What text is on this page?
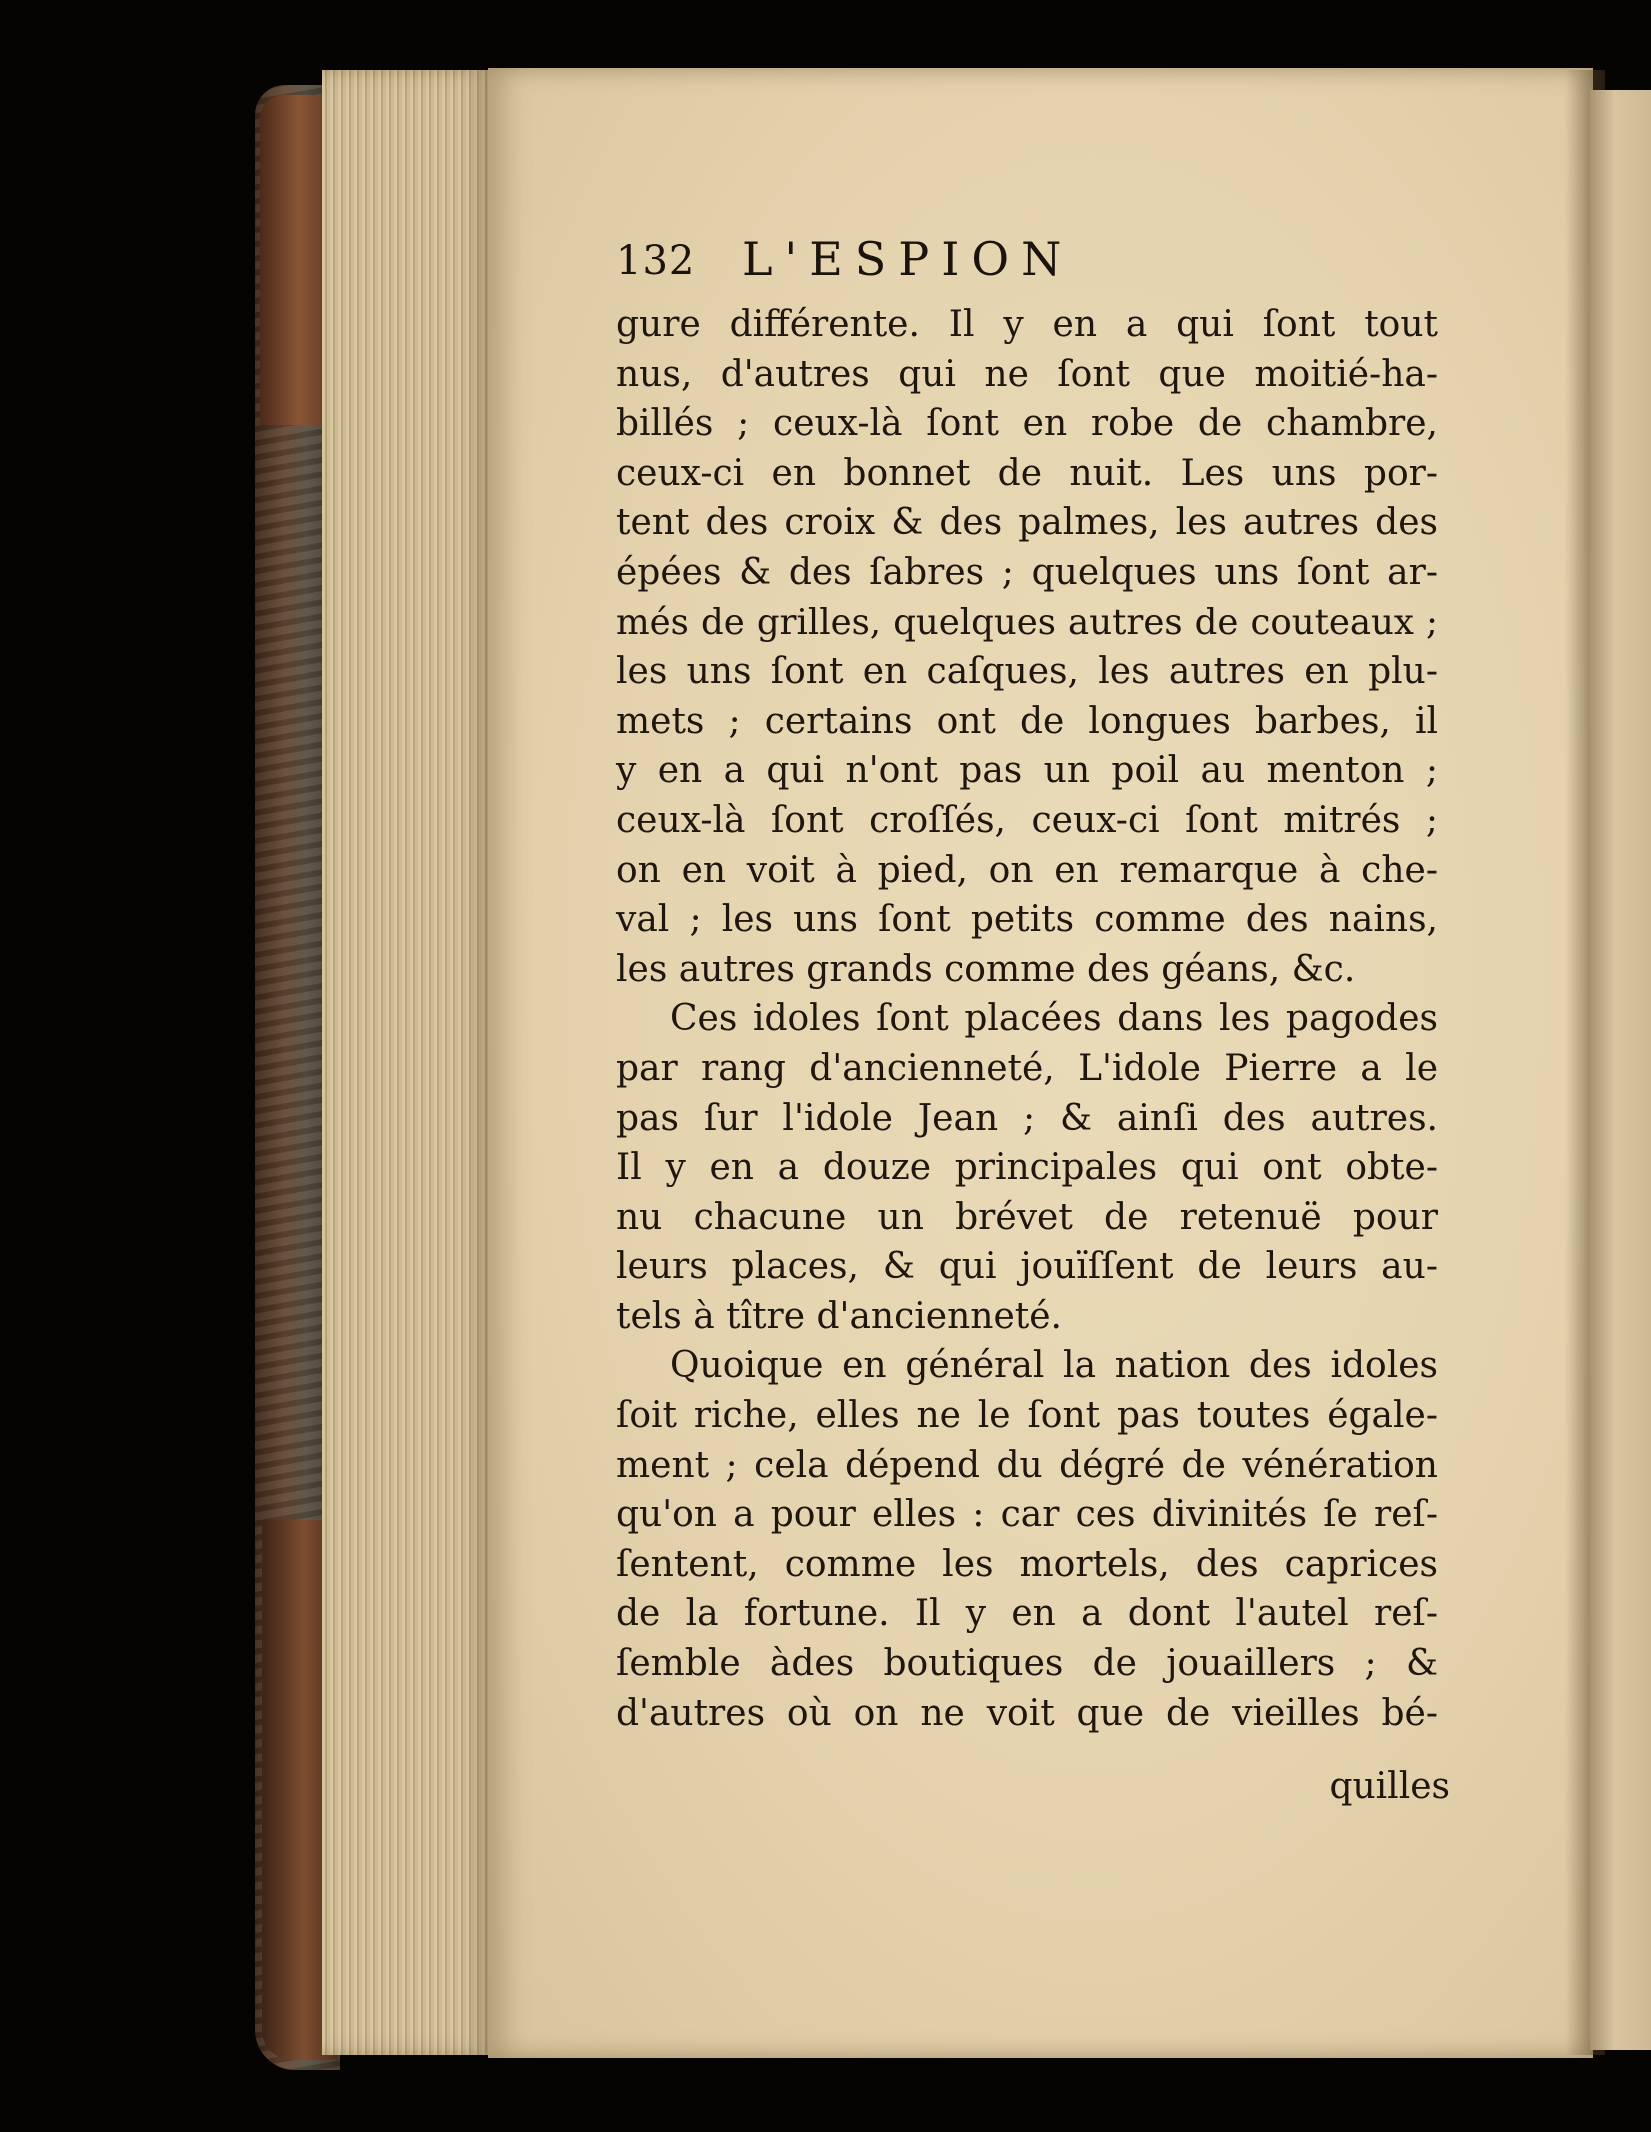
132 L'ESPION
gure différente. Il y en a qui ſont tout
nus, d'autres qui ne ſont que moitié-ha-
billés ; ceux-là ſont en robe de chambre,
ceux-ci en bonnet de nuit. Les uns por-
tent des croix & des palmes, les autres des
épées & des ſabres ; quelques uns ſont ar-
més de grilles, quelques autres de couteaux ;
les uns ſont en caſques, les autres en plu-
mets ; certains ont de longues barbes, il
y en a qui n'ont pas un poil au menton ;
ceux-là ſont croſſés, ceux-ci ſont mitrés ;
on en voit à pied, on en remarque à che-
val ; les uns ſont petits comme des nains,
les autres grands comme des géans, &c.
Ces idoles ſont placées dans les pagodes
par rang d'ancienneté, L'idole Pierre a le
pas ſur l'idole Jean ; & ainſi des autres.
Il y en a douze principales qui ont obte-
nu chacune un brévet de retenuë pour
leurs places, & qui jouïſſent de leurs au-
tels à tître d'ancienneté.
Quoique en général la nation des idoles
ſoit riche, elles ne le ſont pas toutes égale-
ment ; cela dépend du dégré de vénération
qu'on a pour elles : car ces divinités ſe reſ-
ſentent, comme les mortels, des caprices
de la fortune. Il y en a dont l'autel reſ-
ſemble àdes boutiques de jouaillers ; &
d'autres où on ne voit que de vieilles bé-
quilles
